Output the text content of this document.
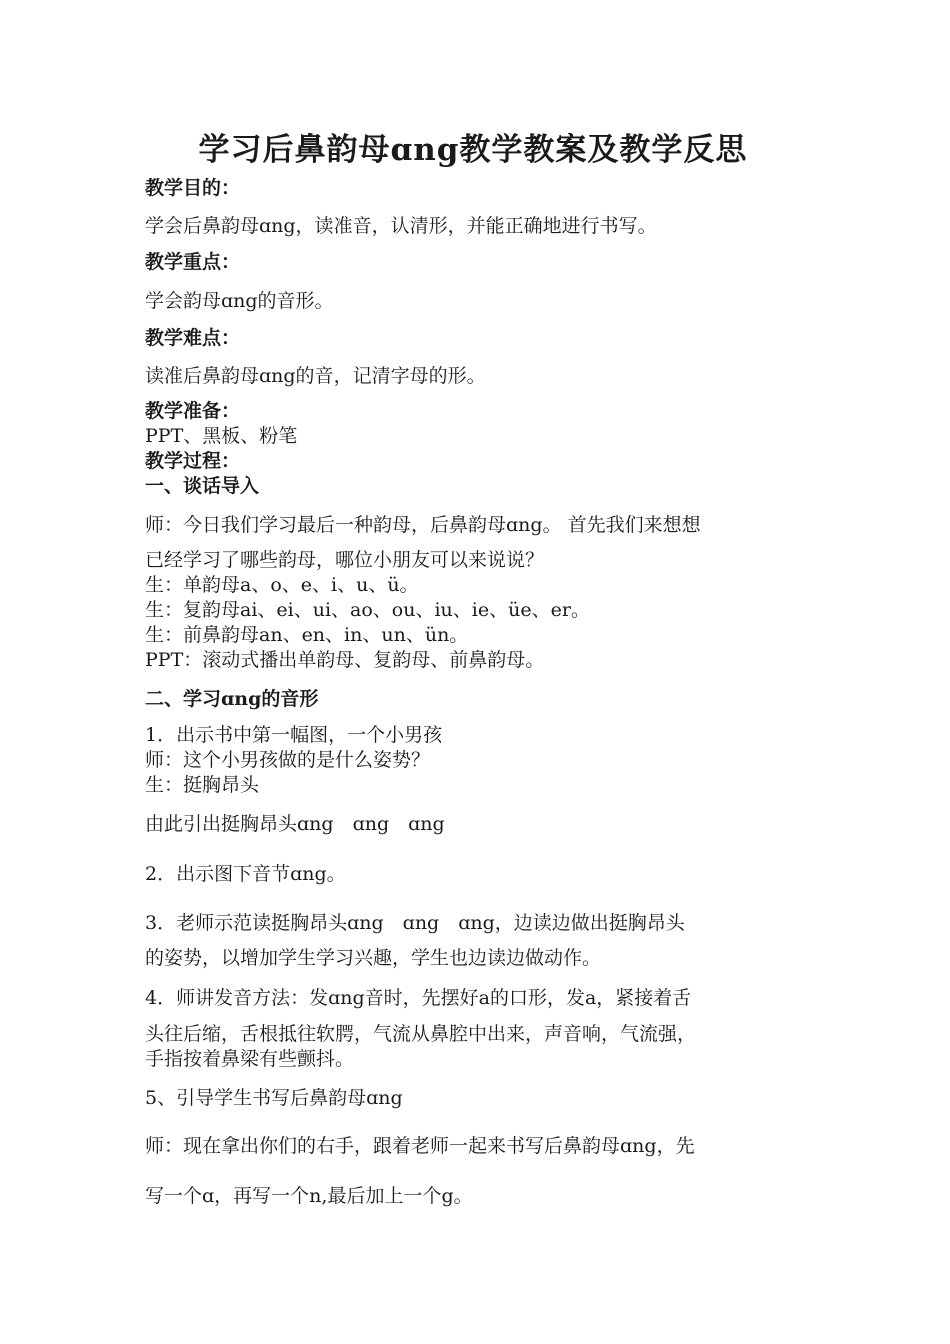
学习后鼻韵母ɑng教学教案及教学反思
教学目的：
学会后鼻韵母ɑng，读准音，认清形，并能正确地进行书写。
教学重点：
学会韵母ɑng的音形。
教学难点：
读准后鼻韵母ɑng的音，记清字母的形。
教学准备：
PPT、黑板、粉笔
教学过程：
一、谈话导入
师：今日我们学习最后一种韵母，后鼻韵母ɑng。 首先我们来想想
已经学习了哪些韵母，哪位小朋友可以来说说？
生：单韵母a、o、e、i、u、ü。
生：复韵母ai、ei、ui、ao、ou、iu、ie、üe、er。
生：前鼻韵母an、en、in、un、ün。
PPT：滚动式播出单韵母、复韵母、前鼻韵母。
二、学习ɑng的音形
1．出示书中第一幅图，一个小男孩
师：这个小男孩做的是什么姿势？
生：挺胸昂头
由此引出挺胸昂头ɑng　ɑng　ɑng
2．出示图下音节ɑng。
3．老师示范读挺胸昂头ɑng　ɑng　ɑng，边读边做出挺胸昂头
的姿势，以增加学生学习兴趣，学生也边读边做动作。
4．师讲发音方法：发ɑng音时，先摆好a的口形，发a，紧接着舌
头往后缩，舌根抵往软腭，气流从鼻腔中出来，声音响，气流强，
手指按着鼻梁有些颤抖。
5、引导学生书写后鼻韵母ɑng
师：现在拿出你们的右手，跟着老师一起来书写后鼻韵母ɑng，先
写一个ɑ，再写一个n,最后加上一个g。
